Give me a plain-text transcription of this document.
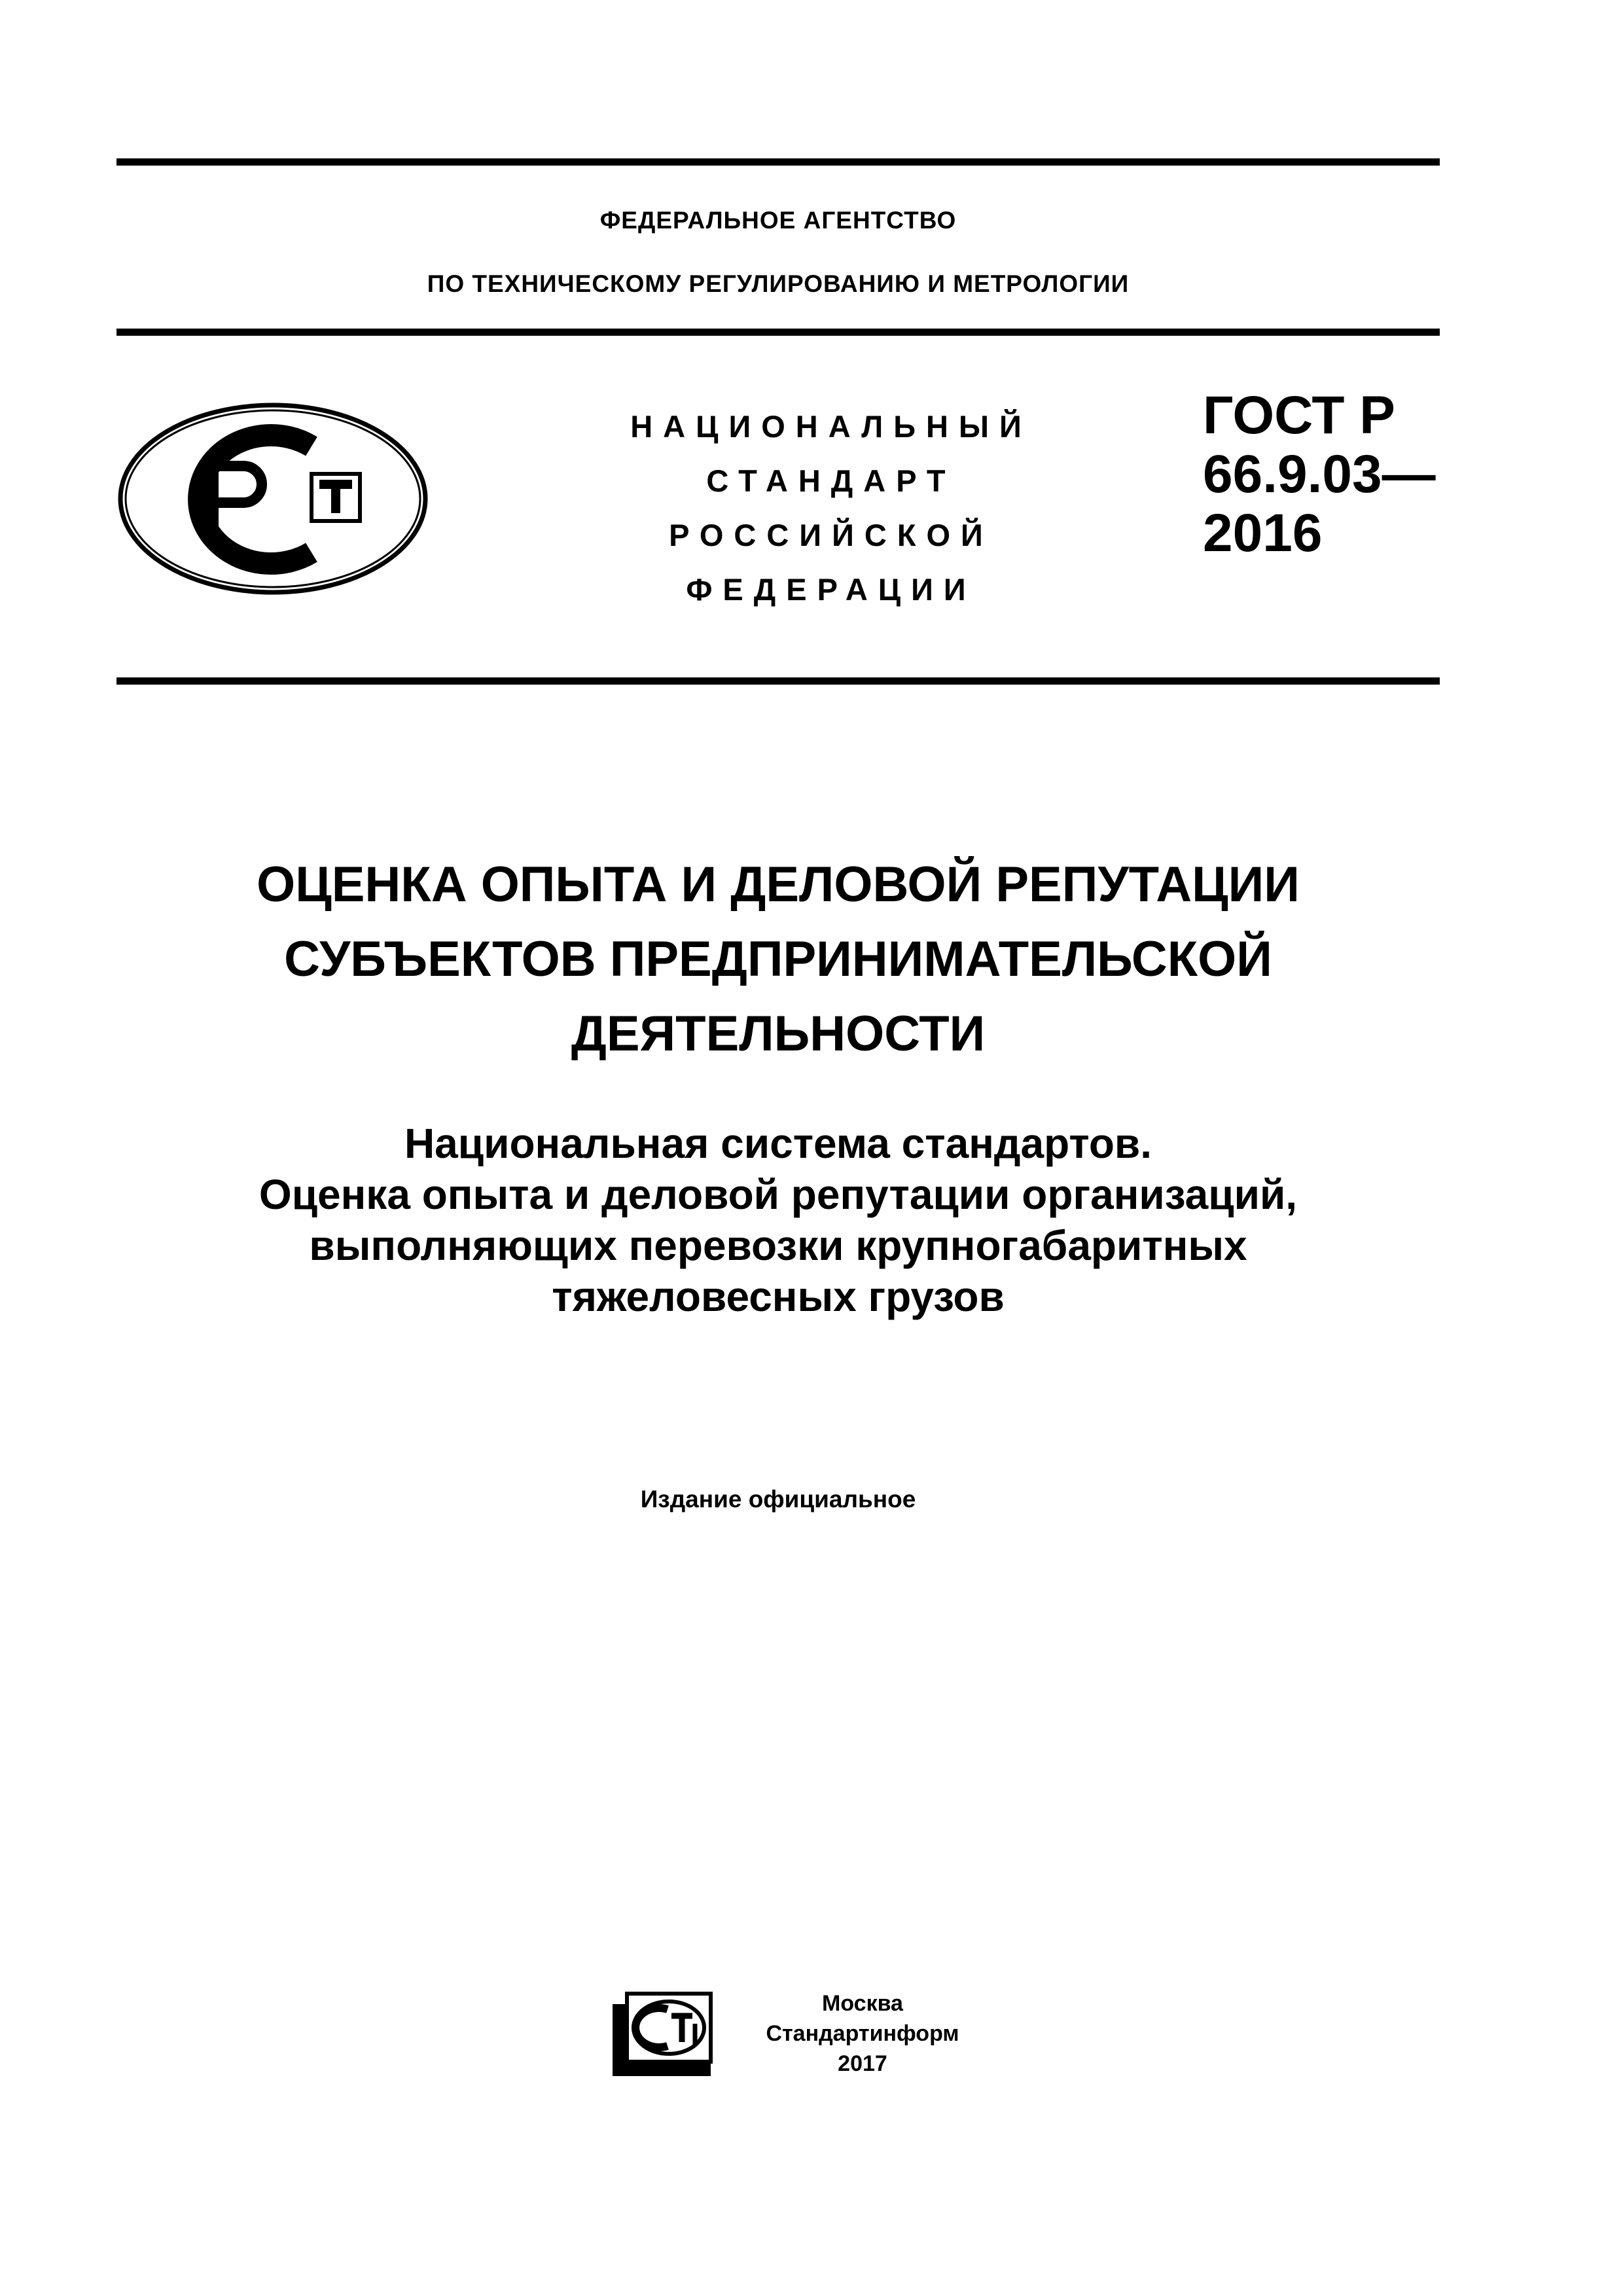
ФЕДЕРАЛЬНОЕ АГЕНТСТВО
ПО ТЕХНИЧЕСКОМУ РЕГУЛИРОВАНИЮ И МЕТРОЛОГИИ
НАЦИОНАЛЬНЫЙ
СТАНДАРТ
РОССИЙСКОЙ
ФЕДЕРАЦИИ
ГОСТ Р
66.9.03—
2016
ОЦЕНКА ОПЫТА И ДЕЛОВОЙ РЕПУТАЦИИ
СУБЪЕКТОВ ПРЕДПРИНИМАТЕЛЬСКОЙ
ДЕЯТЕЛЬНОСТИ
Национальная система стандартов.
Оценка опыта и деловой репутации организаций,
выполняющих перевозки крупногабаритных
тяжеловесных грузов
Издание официальное
Москва
Стандартинформ
2017
